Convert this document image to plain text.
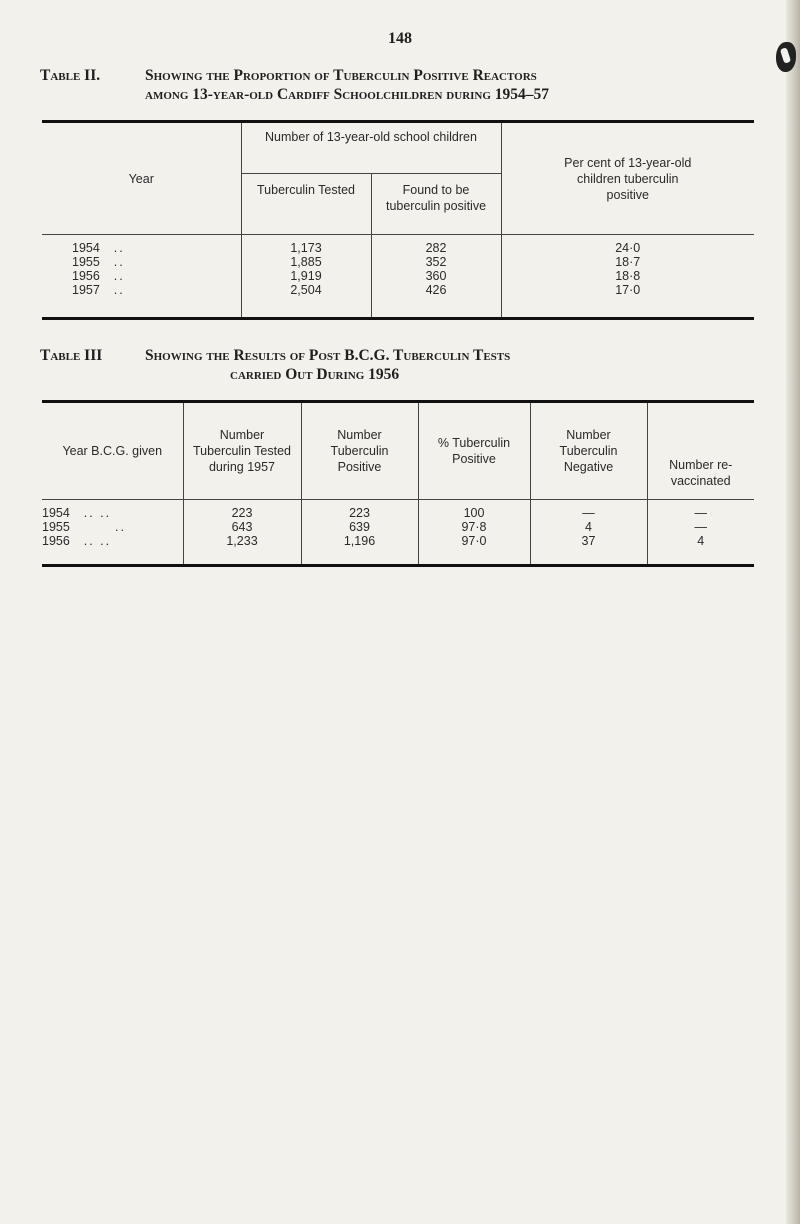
148
Table II.	Showing the Proportion of Tuberculin Positive Reactors
among 13-year-old Cardiff Schoolchildren during 1954–57
Year	Number of 13-year-old school children		Per cent of 13-year-old children tuberculin positive
	Tuberculin Tested	Found to be tuberculin positive	
1954 ..	1,173	282	24·0
1955 ..	1,885	352	18·7
1956 ..	1,919	360	18·8
1957 ..	2,504	426	17·0
Table III	Showing the Results of Post B.C.G. Tuberculin Tests
carried Out During 1956
Year B.C.G. given	Number Tuberculin Tested during 1957	Number Tuberculin Positive	% Tuberculin Positive	Number Tuberculin Negative	Number re-vaccinated
1954 .. ..	223	223	100	—	—
1955 ..	643	639	97·8	4	—
1956 .. ..	1,233	1,196	97·0	37	4
